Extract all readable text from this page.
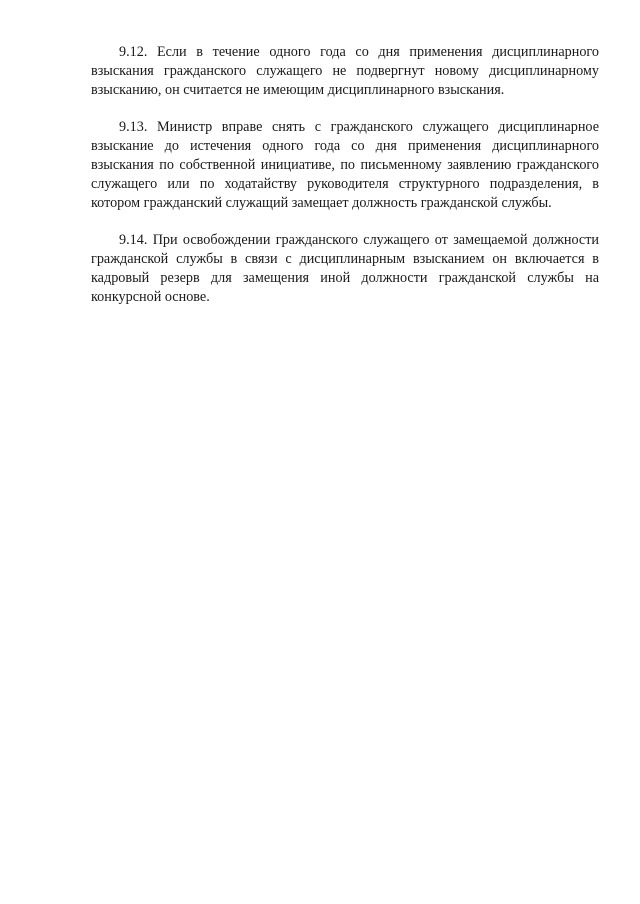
9.12. Если в течение одного года со дня применения дисциплинарного взыскания гражданского служащего не подвергнут новому дисциплинарному взысканию, он считается не имеющим дисциплинарного взыскания.

9.13. Министр вправе снять с гражданского служащего дисциплинарное взыскание до истечения одного года со дня применения дисциплинарного взыскания по собственной инициативе, по письменному заявлению гражданского служащего или по ходатайству руководителя структурного подразделения, в котором гражданский служащий замещает должность гражданской службы.

9.14. При освобождении гражданского служащего от замещаемой должности гражданской службы в связи с дисциплинарным взысканием он включается в кадровый резерв для замещения иной должности гражданской службы на конкурсной основе.
